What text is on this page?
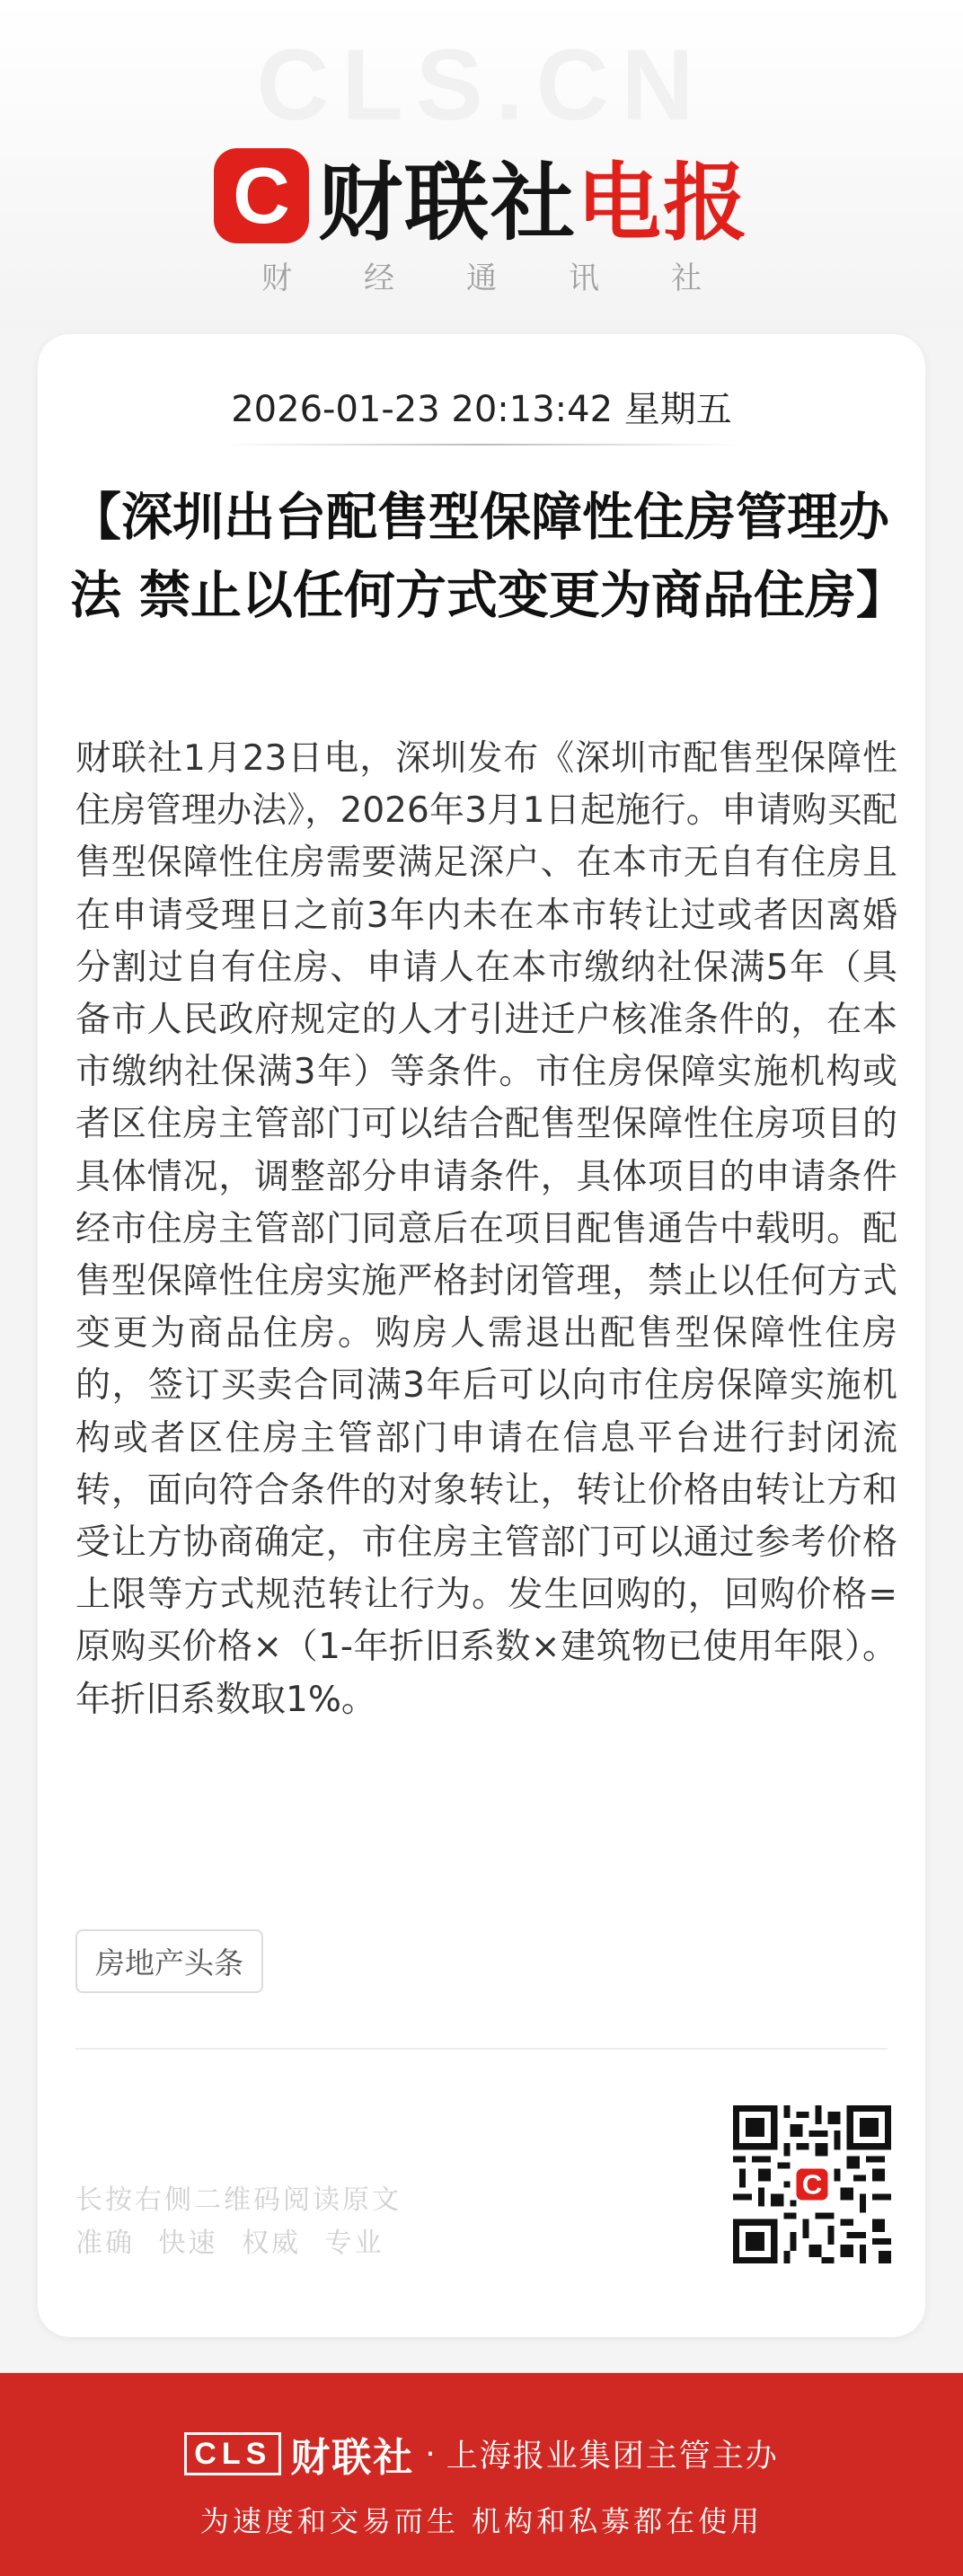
CLS.CN
C 财联社 电报
财经通讯社
2026-01-23 20:13:42 星期五
【深圳出台配售型保障性住房管理办法 禁止以任何方式变更为商品住房】
财联社1月23日电，深圳发布《深圳市配售型保障性住房管理办法》，2026年3月1日起施行。申请购买配售型保障性住房需要满足深户、在本市无自有住房且在申请受理日之前3年内未在本市转让过或者因离婚分割过自有住房、申请人在本市缴纳社保满5年（具备市人民政府规定的人才引进迁户核准条件的，在本市缴纳社保满3年）等条件。市住房保障实施机构或者区住房主管部门可以结合配售型保障性住房项目的具体情况，调整部分申请条件，具体项目的申请条件经市住房主管部门同意后在项目配售通告中载明。配售型保障性住房实施严格封闭管理，禁止以任何方式变更为商品住房。购房人需退出配售型保障性住房的，签订买卖合同满3年后可以向市住房保障实施机构或者区住房主管部门申请在信息平台进行封闭流转，面向符合条件的对象转让，转让价格由转让方和受让方协商确定，市住房主管部门可以通过参考价格上限等方式规范转让行为。发生回购的，回购价格=原购买价格×（1-年折旧系数×建筑物已使用年限）。年折旧系数取1%。
房地产头条
长按右侧二维码阅读原文
准确 快速 权威 专业
C
CLS 财联社 · 上海报业集团主管主办
为速度和交易而生 机构和私募都在使用
